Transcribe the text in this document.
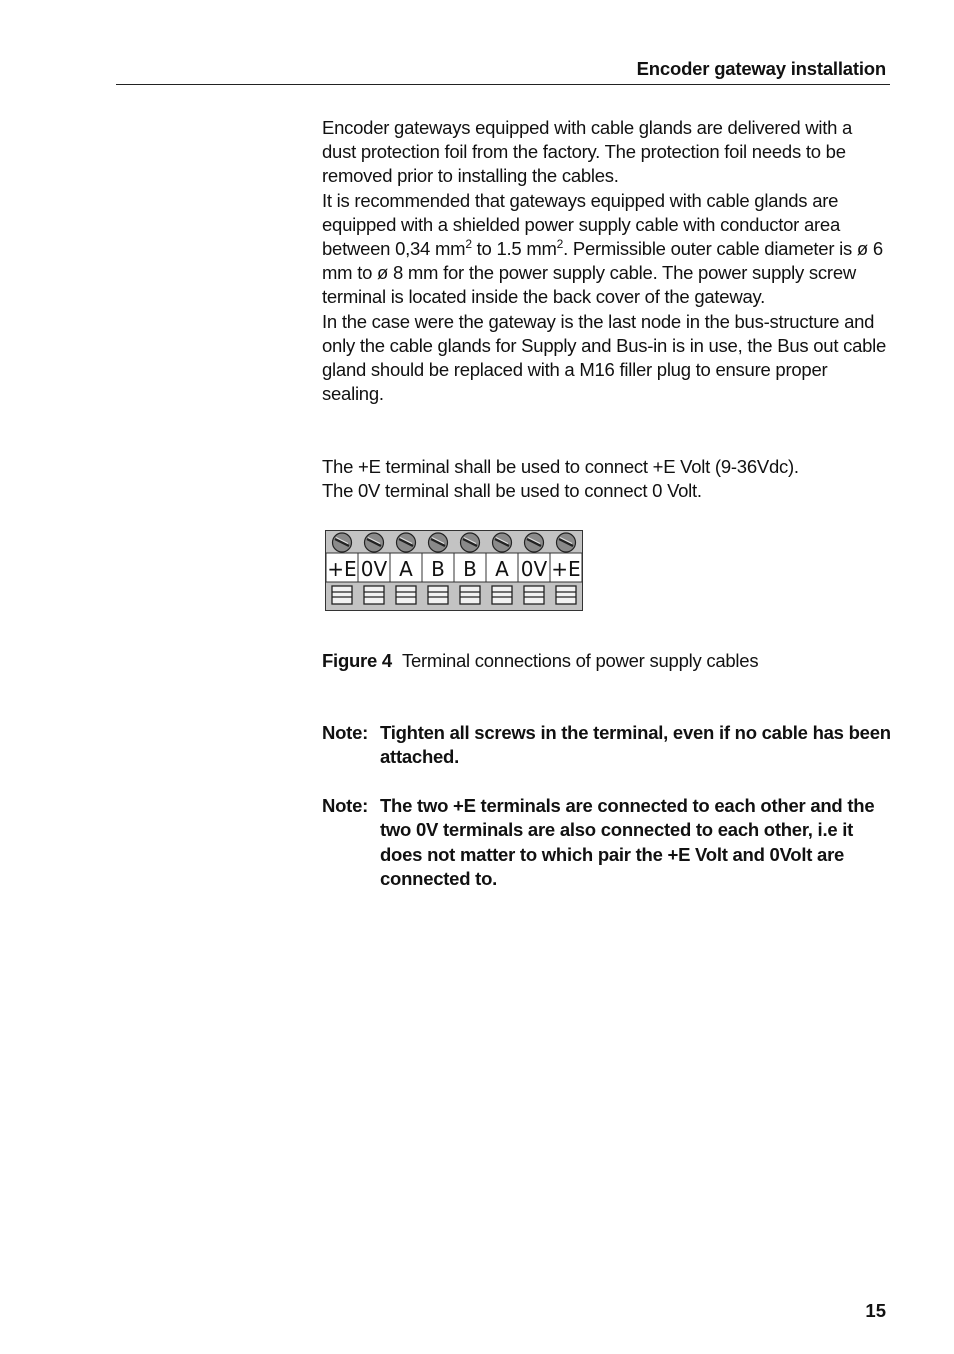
Encoder gateway installation

Encoder gateways equipped with cable glands are delivered with a dust protection foil from the factory. The protection foil needs to be removed prior to installing the cables.

It is recommended that gateways equipped with cable glands are equipped with a shielded power supply cable with conductor area between 0,34 $mm^2$ to 1.5 $mm^2$. Permissible outer cable diameter is ø 6 mm to ø 8 mm for the power supply cable. The power supply screw terminal is located inside the back cover of the gateway.

In the case were the gateway is the last node in the bus-structure and only the cable glands for Supply and Bus-in is in use, the Bus out cable gland should be replaced with a M16 filler plug to ensure proper sealing.

The +E terminal shall be used to connect +E Volt (9-36Vdc).

The 0V terminal shall be used to connect 0 Volt.

+E 0V A B B A 0V +E
Figure 4 Terminal connections of power supply cables
Note: Tighten all screws in the terminal, even if no cable has been attached.
Note: The two +E terminals are connected to each other and the two 0V terminals are also connected to each other, i.e it does not matter to which pair the +E Volt and 0Volt are connected to.
15
